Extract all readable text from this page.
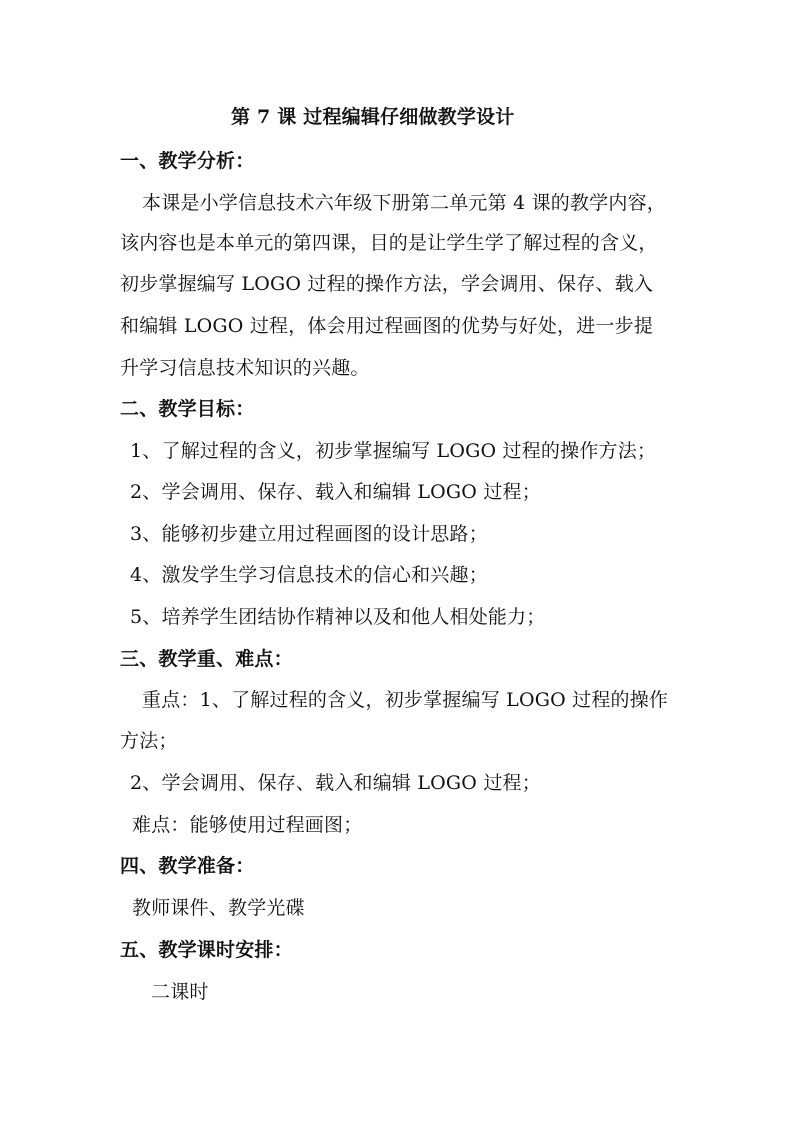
第 7 课 过程编辑仔细做教学设计
一、教学分析：
本课是小学信息技术六年级下册第二单元第 4 课的教学内容，
该内容也是本单元的第四课，目的是让学生学了解过程的含义，
初步掌握编写 LOGO 过程的操作方法，学会调用、保存、载入
和编辑 LOGO 过程，体会用过程画图的优势与好处，进一步提
升学习信息技术知识的兴趣。
二、教学目标：
1、了解过程的含义，初步掌握编写 LOGO 过程的操作方法；
2、学会调用、保存、载入和编辑 LOGO 过程；
3、能够初步建立用过程画图的设计思路；
4、激发学生学习信息技术的信心和兴趣；
5、培养学生团结协作精神以及和他人相处能力；
三、教学重、难点：
重点：1、了解过程的含义，初步掌握编写 LOGO 过程的操作
方法；
2、学会调用、保存、载入和编辑 LOGO 过程；
难点：能够使用过程画图；
四、教学准备：
教师课件、教学光碟
五、教学课时安排：
二课时
